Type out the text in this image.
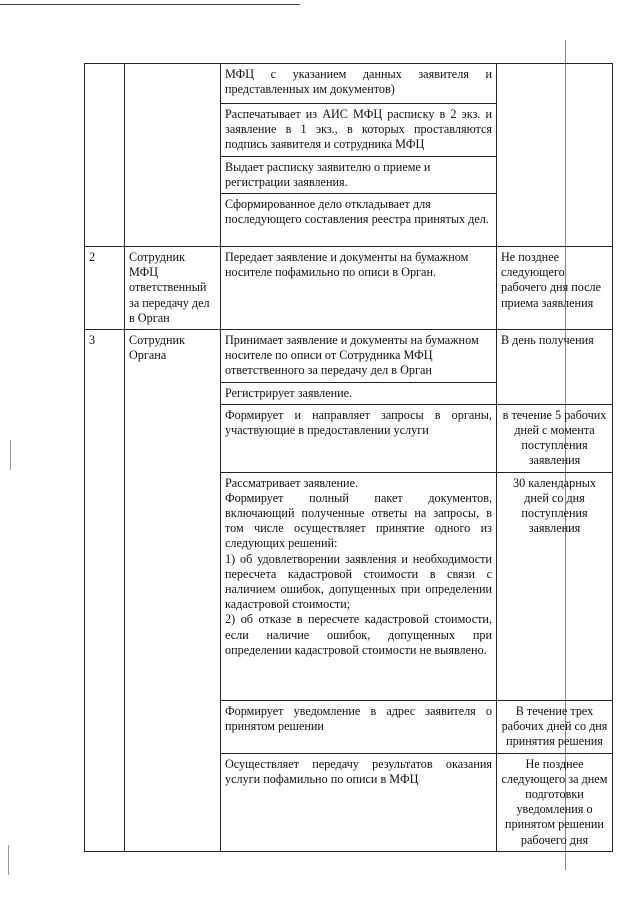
		МФЦ с указанием данных заявителя и представленных им документов)	
		Распечатывает из АИС МФЦ расписку в 2 экз. и заявление в 1 экз., в которых проставляются подпись заявителя и сотрудника МФЦ	
		Выдает расписку заявителю о приеме и регистрации заявления.	
		Сформированное дело откладывает для последующего составления реестра принятых дел.	
2	Сотрудник МФЦ ответственный за передачу дел в Орган	Передает заявление и документы на бумажном носителе пофамильно по описи в Орган.	Не позднее следующего рабочего дня после приема заявления
3	Сотрудник Органа	Принимает заявление и документы на бумажном носителе по описи от Сотрудника МФЦ ответственного за передачу дел в Орган	В день получения
		Регистрирует заявление.	
		Формирует и направляет запросы в органы, участвующие в предоставлении услуги	в течение 5 рабочих дней с момента поступления заявления

		Рассматривает заявление.
Формирует полный пакет документов, включающий полученные ответы на запросы, в том числе осуществляет принятие одного из следующих решений:
1) об удовлетворении заявления и необходимости пересчета кадастровой стоимости в связи с наличием ошибок, допущенных при определении кадастровой стоимости;
2) об отказе в пересчете кадастровой стоимости, если наличие ошибок, допущенных при определении кадастровой стоимости не выявлено.	30 календарных дней со дня поступления заявления
		Формирует уведомление в адрес заявителя о принятом решении	В течение трех рабочих дней со дня принятия решения
		Осуществляет передачу результатов оказания услуги пофамильно по описи в МФЦ	Не позднее следующего за днем подготовки уведомления о принятом решении рабочего дня
